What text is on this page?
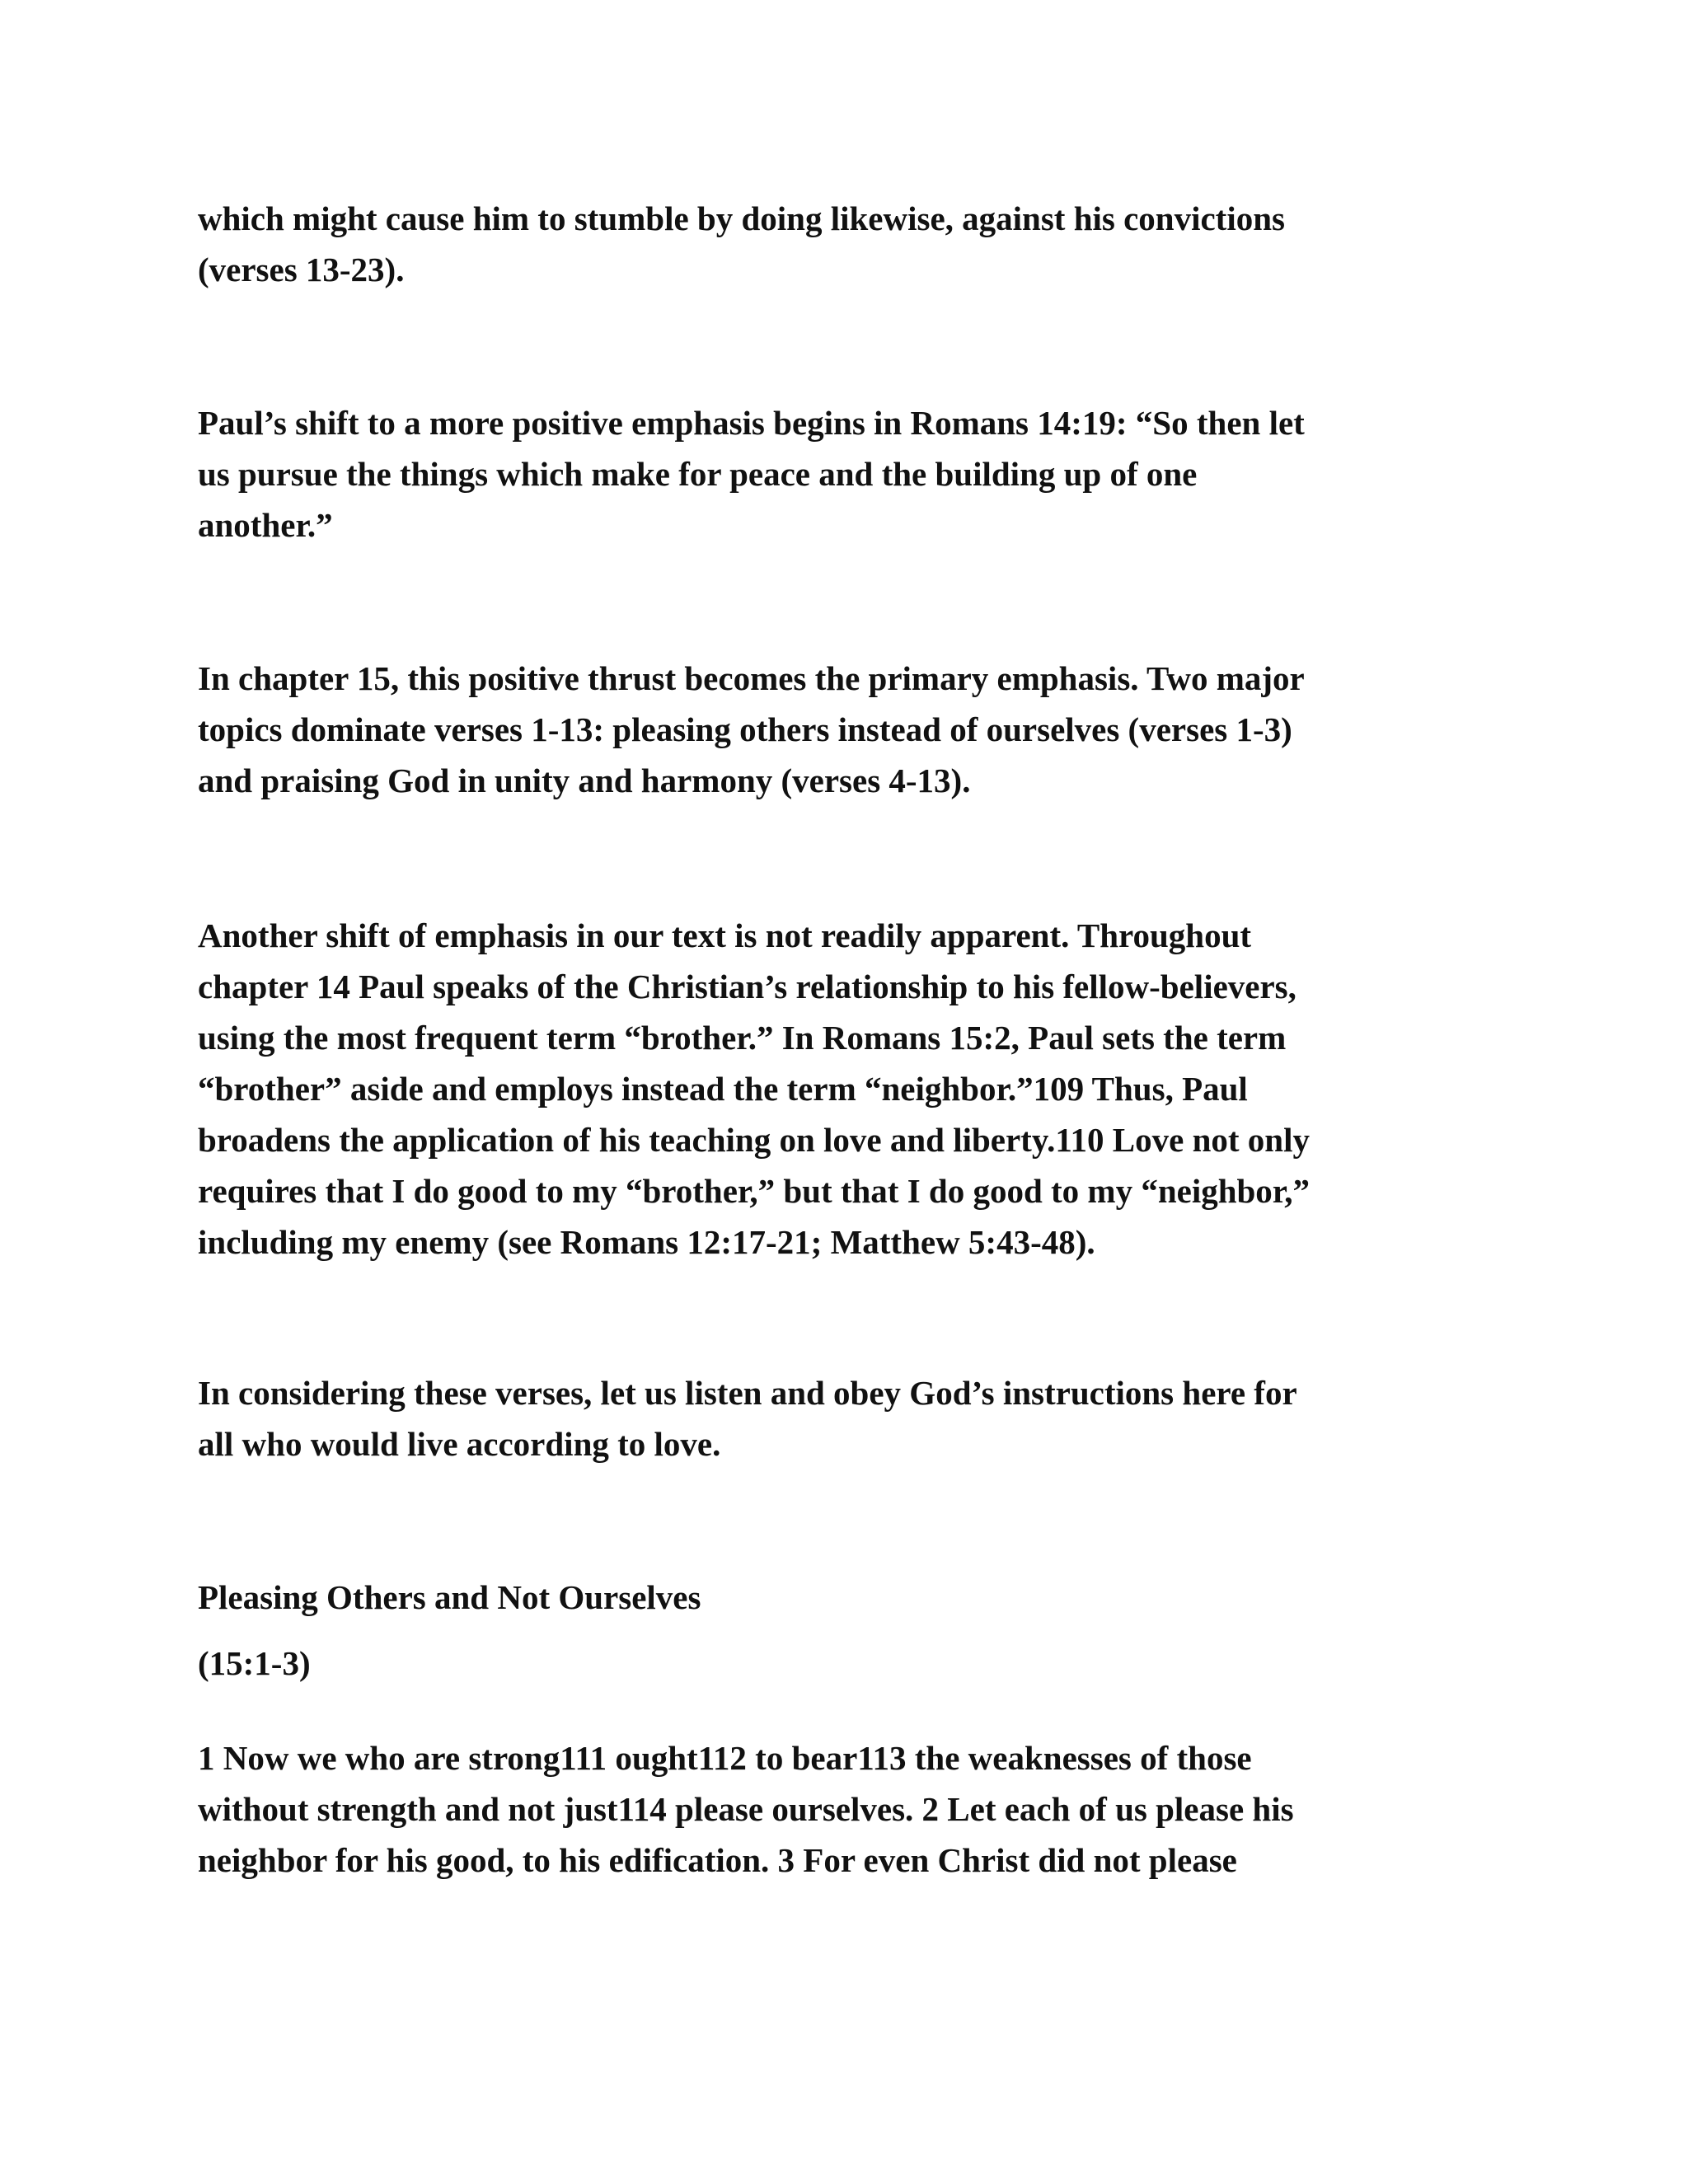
which might cause him to stumble by doing likewise, against his convictions

(verses 13-23).

Paul’s shift to a more positive emphasis begins in Romans 14:19: “So then let

us pursue the things which make for peace and the building up of one

another.”

In chapter 15, this positive thrust becomes the primary emphasis. Two major

topics dominate verses 1-13: pleasing others instead of ourselves (verses 1-3)

and praising God in unity and harmony (verses 4-13).

Another shift of emphasis in our text is not readily apparent. Throughout

chapter 14 Paul speaks of the Christian’s relationship to his fellow-believers,

using the most frequent term “brother.” In Romans 15:2, Paul sets the term

“brother” aside and employs instead the term “neighbor.”109 Thus, Paul

broadens the application of his teaching on love and liberty.110 Love not only

requires that I do good to my “brother,” but that I do good to my “neighbor,”

including my enemy (see Romans 12:17-21; Matthew 5:43-48).

In considering these verses, let us listen and obey God’s instructions here for

all who would live according to love.

Pleasing Others and Not Ourselves

(15:1-3)

1 Now we who are strong111 ought112 to bear113 the weaknesses of those

without strength and not just114 please ourselves. 2 Let each of us please his

neighbor for his good, to his edification. 3 For even Christ did not please
